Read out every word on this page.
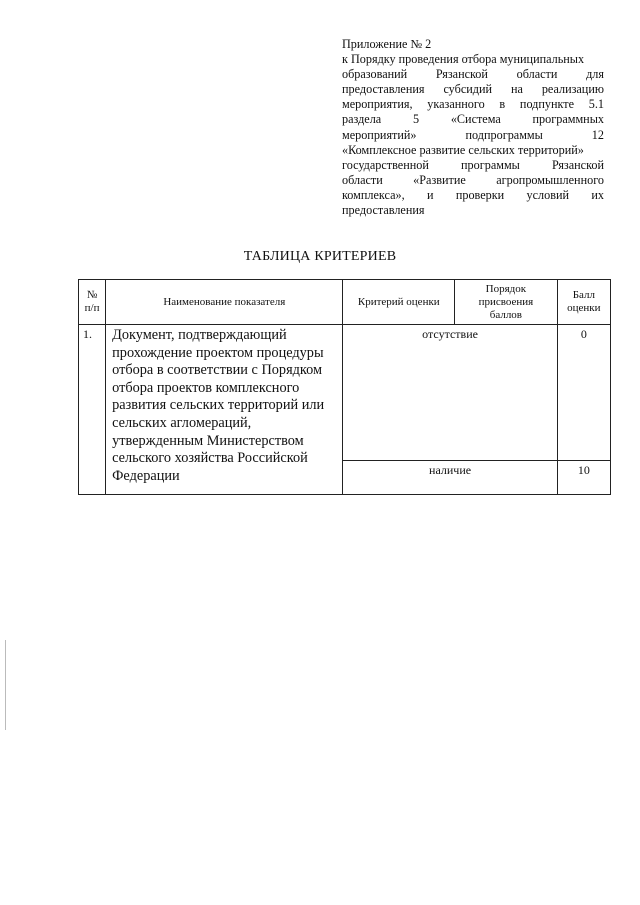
Приложение № 2
к Порядку проведения отбора муниципальных
образований Рязанской области для
предоставления субсидий на реализацию
мероприятия, указанного в подпункте 5.1
раздела	5	«Система	программных
мероприятий»	подпрограммы	12
«Комплексное развитие сельских территорий»
государственной	программы	Рязанской
области «Развитие агропромышленного
комплекса», и проверки условий их
предоставления
ТАБЛИЦА КРИТЕРИЕВ
№ п/п	Наименование показателя	Критерий оценки	Порядок присвоения баллов	Балл оценки
1.	Документ, подтверждающий прохождение проектом процедуры отбора в соответствии с Порядком отбора проектов комплексного развития сельских территорий или сельских агломераций, утвержденным Министерством сельского хозяйства Российской Федерации	отсутствие		0
		наличие		10
